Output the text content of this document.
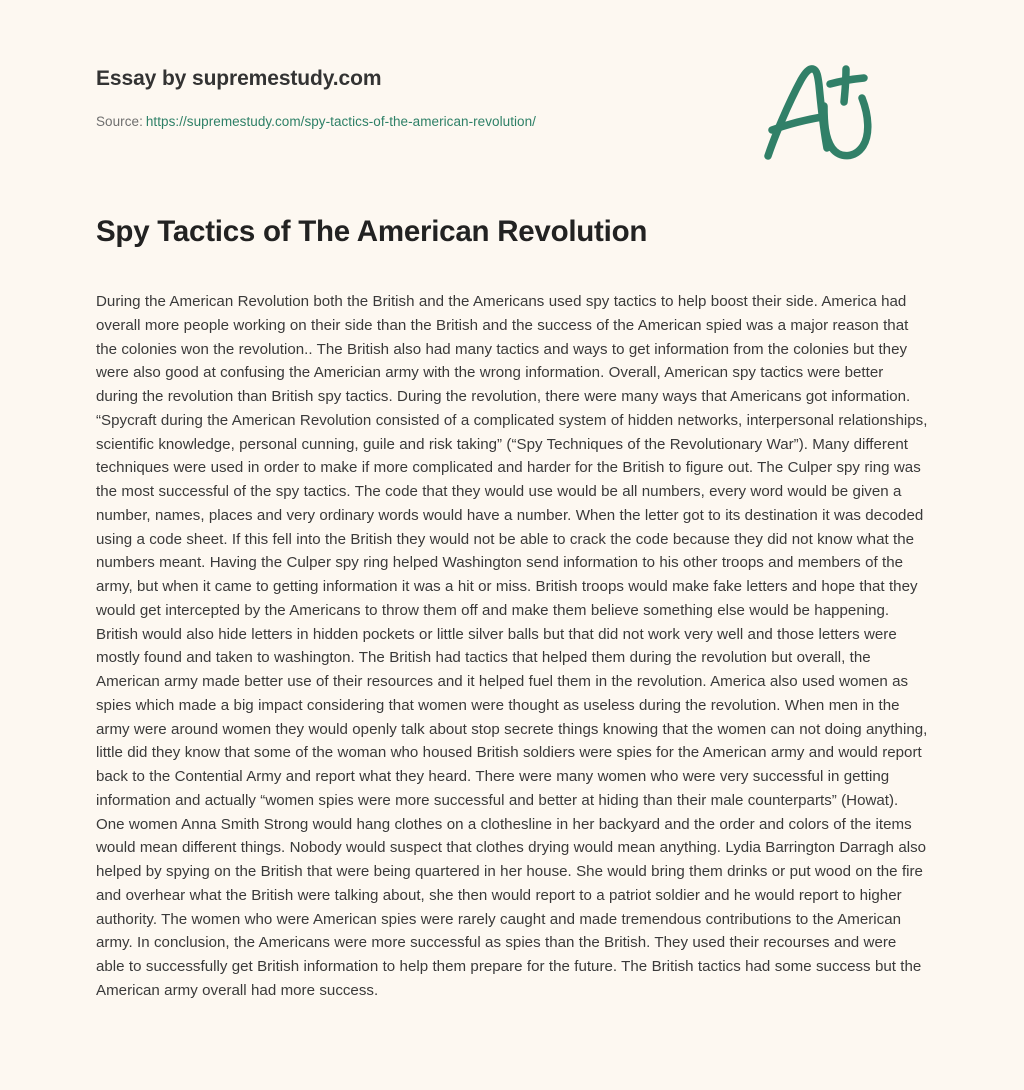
Essay by supremestudy.com
Source: https://supremestudy.com/spy-tactics-of-the-american-revolution/
Spy Tactics of The American Revolution

During the American Revolution both the British and the Americans used spy tactics to help boost their side. America had overall more people working on their side than the British and the success of the American spied was a major reason that the colonies won the revolution.. The British also had many tactics and ways to get information from the colonies but they were also good at confusing the Americian army with the wrong information. Overall, American spy tactics were better during the revolution than British spy tactics. During the revolution, there were many ways that Americans got information. “Spycraft during the American Revolution consisted of a complicated system of hidden networks, interpersonal relationships, scientific knowledge, personal cunning, guile and risk taking” (“Spy Techniques of the Revolutionary War”). Many different techniques were used in order to make if more complicated and harder for the British to figure out. The Culper spy ring was the most successful of the spy tactics. The code that they would use would be all numbers, every word would be given a number, names, places and very ordinary words would have a number. When the letter got to its destination it was decoded using a code sheet. If this fell into the British they would not be able to crack the code because they did not know what the numbers meant. Having the Culper spy ring helped Washington send information to his other troops and members of the army, but when it came to getting information it was a hit or miss. British troops would make fake letters and hope that they would get intercepted by the Americans to throw them off and make them believe something else would be happening. British would also hide letters in hidden pockets or little silver balls but that did not work very well and those letters were mostly found and taken to washington. The British had tactics that helped them during the revolution but overall, the American army made better use of their resources and it helped fuel them in the revolution. America also used women as spies which made a big impact considering that women were thought as useless during the revolution. When men in the army were around women they would openly talk about stop secrete things knowing that the women can not doing anything, little did they know that some of the woman who housed British soldiers were spies for the American army and would report back to the Contential Army and report what they heard. There were many women who were very successful in getting information and actually “women spies were more successful and better at hiding than their male counterparts” (Howat). One women Anna Smith Strong would hang clothes on a clothesline in her backyard and the order and colors of the items would mean different things. Nobody would suspect that clothes drying would mean anything. Lydia Barrington Darragh also helped by spying on the British that were being quartered in her house. She would bring them drinks or put wood on the fire and overhear what the British were talking about, she then would report to a patriot soldier and he would report to higher authority. The women who were American spies were rarely caught and made tremendous contributions to the American army. In conclusion, the Americans were more successful as spies than the British. They used their recourses and were able to successfully get British information to help them prepare for the future. The British tactics had some success but the American army overall had more success.
